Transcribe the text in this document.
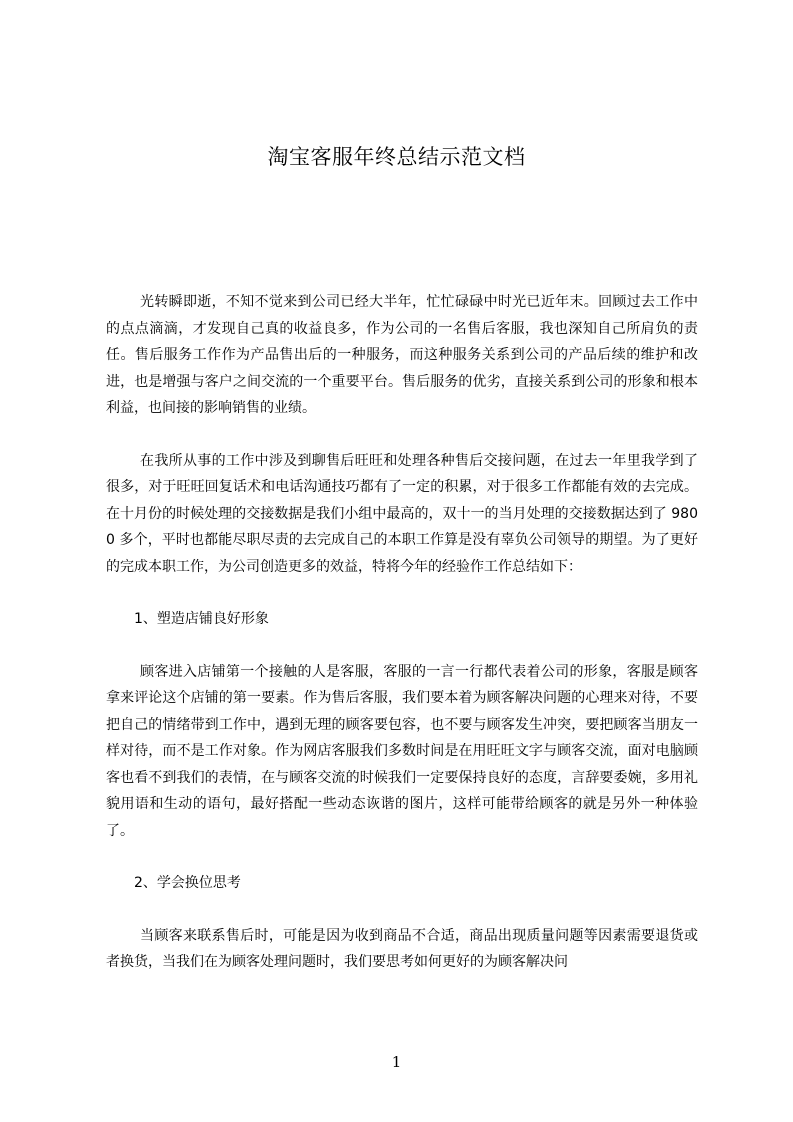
淘宝客服年终总结示范文档

光转瞬即逝，不知不觉来到公司已经大半年，忙忙碌碌中时光已近年末。回顾过去工作中的点点滴滴，才发现自己真的收益良多，作为公司的一名售后客服，我也深知自己所肩负的责任。售后服务工作作为产品售出后的一种服务，而这种服务关系到公司的产品后续的维护和改进，也是增强与客户之间交流的一个重要平台。售后服务的优劣，直接关系到公司的形象和根本利益，也间接的影响销售的业绩。

在我所从事的工作中涉及到聊售后旺旺和处理各种售后交接问题，在过去一年里我学到了很多，对于旺旺回复话术和电话沟通技巧都有了一定的积累，对于很多工作都能有效的去完成。在十月份的时候处理的交接数据是我们小组中最高的，双十一的当月处理的交接数据达到了 9800 多个，平时也都能尽职尽责的去完成自己的本职工作算是没有辜负公司领导的期望。为了更好的完成本职工作，为公司创造更多的效益，特将今年的经验作工作总结如下：

1、塑造店铺良好形象

顾客进入店铺第一个接触的人是客服，客服的一言一行都代表着公司的形象，客服是顾客拿来评论这个店铺的第一要素。作为售后客服，我们要本着为顾客解决问题的心理来对待，不要把自己的情绪带到工作中，遇到无理的顾客要包容，也不要与顾客发生冲突，要把顾客当朋友一样对待，而不是工作对象。作为网店客服我们多数时间是在用旺旺文字与顾客交流，面对电脑顾客也看不到我们的表情，在与顾客交流的时候我们一定要保持良好的态度，言辞要委婉，多用礼貌用语和生动的语句，最好搭配一些动态诙谐的图片，这样可能带给顾客的就是另外一种体验了。

2、学会换位思考

当顾客来联系售后时，可能是因为收到商品不合适，商品出现质量问题等因素需要退货或者换货，当我们在为顾客处理问题时，我们要思考如何更好的为顾客解决问

1
